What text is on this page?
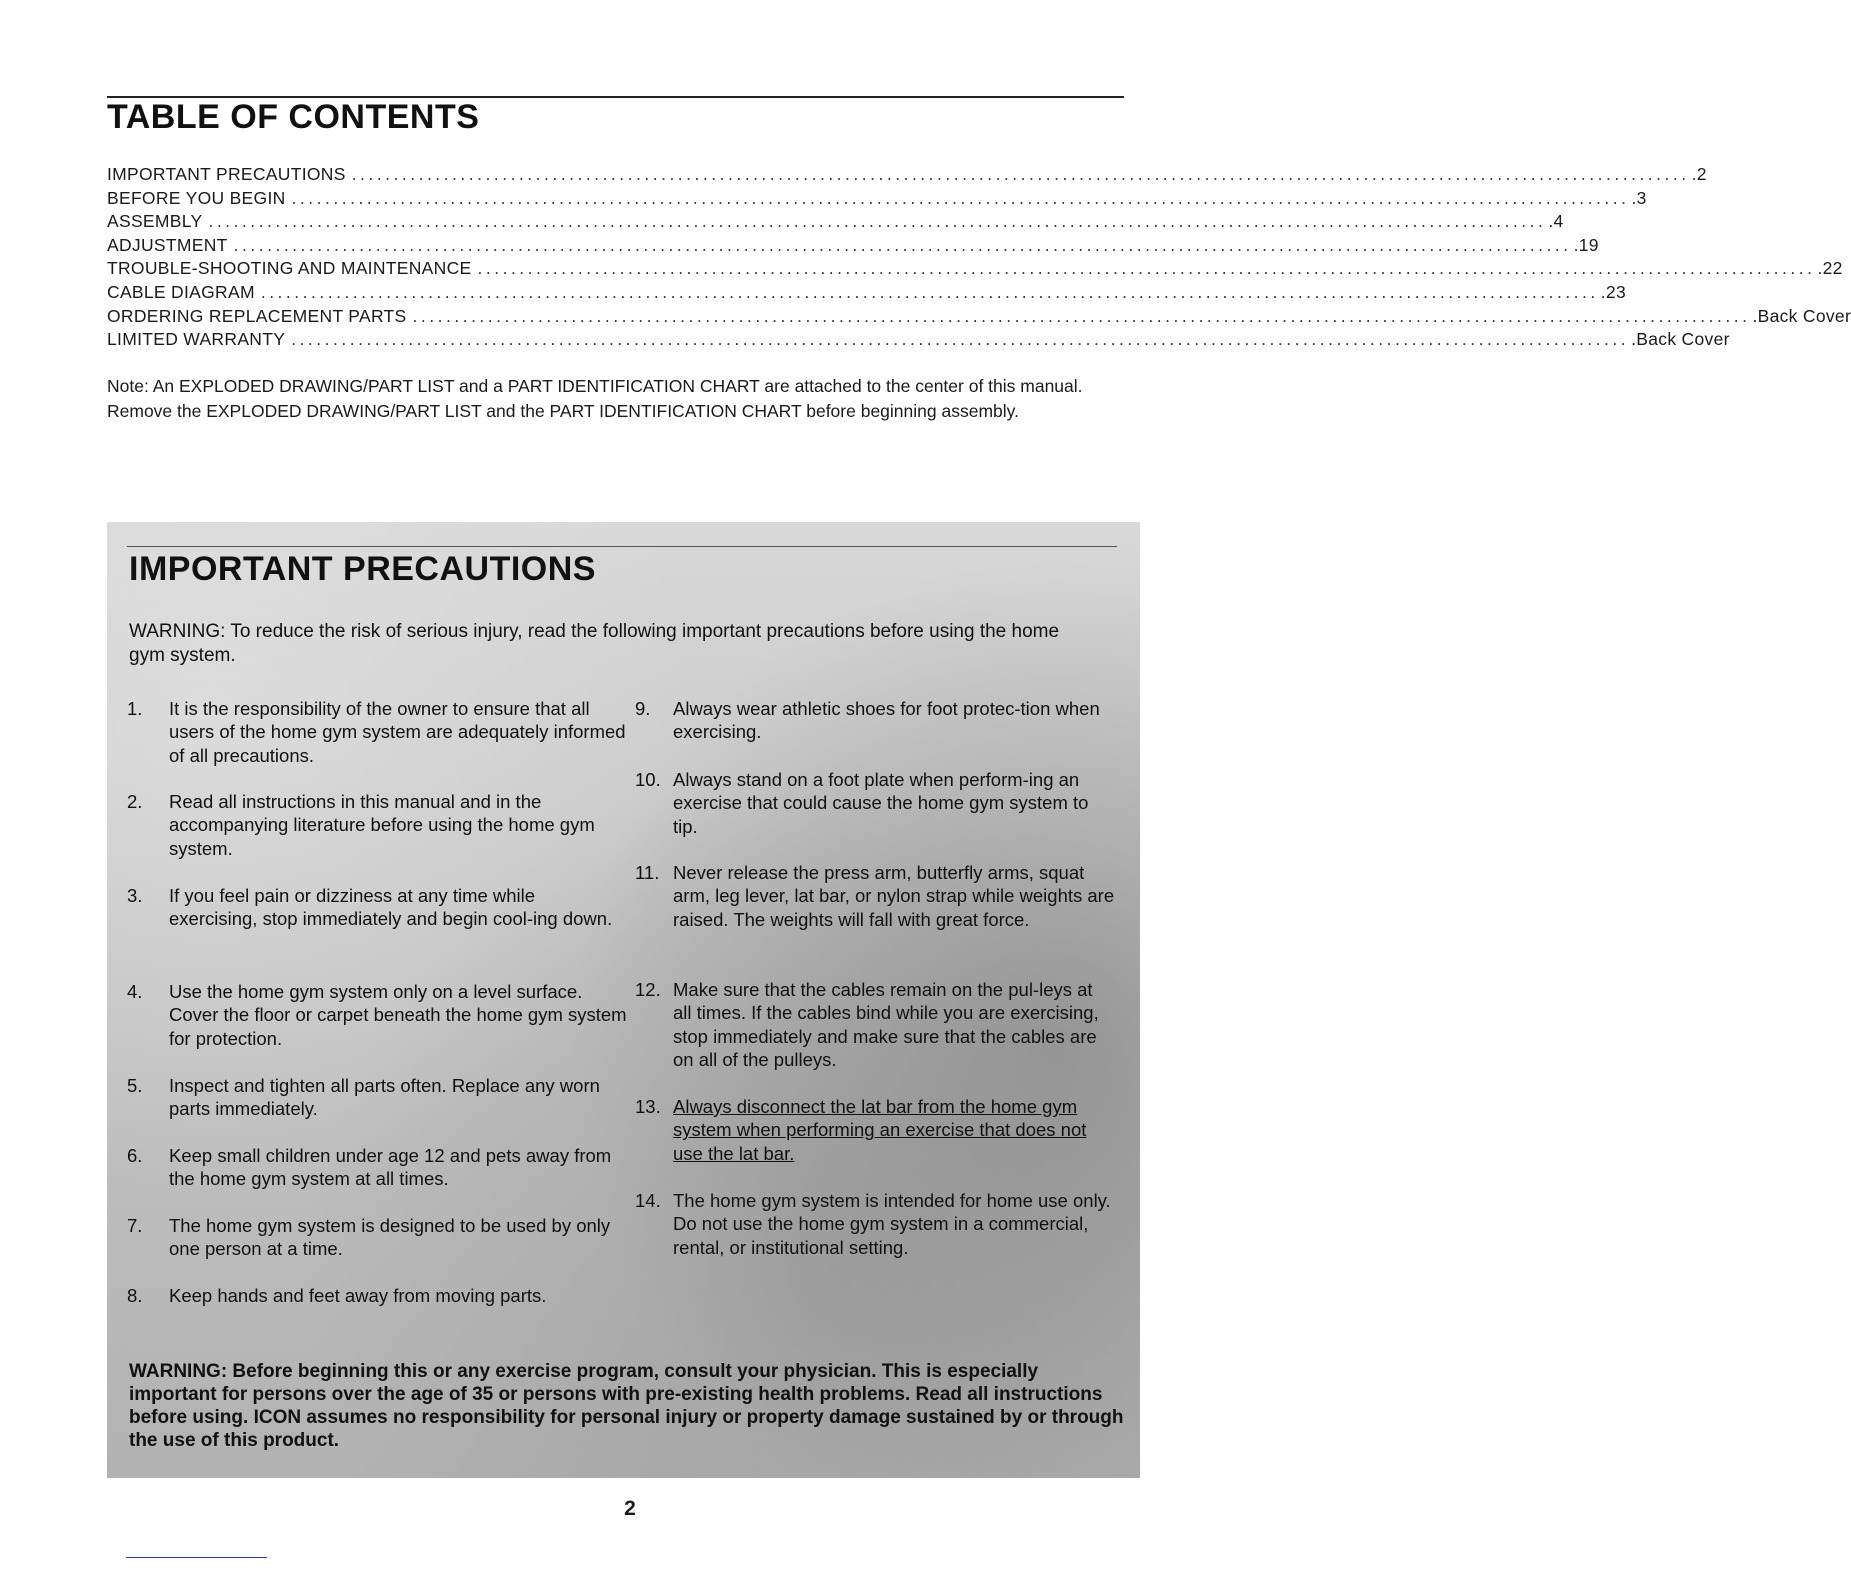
TABLE OF CONTENTS
IMPORTANT PRECAUTIONS ................................................................................................................................................................ .2
BEFORE YOU BEGIN ................................................................................................................................................................ .3
ASSEMBLY ................................................................................................................................................................ .4
ADJUSTMENT ................................................................................................................................................................ .19
TROUBLE-SHOOTING AND MAINTENANCE ................................................................................................................................................................ .22
CABLE DIAGRAM ................................................................................................................................................................ .23
ORDERING REPLACEMENT PARTS ................................................................................................................................................................ .Back Cover
LIMITED WARRANTY ................................................................................................................................................................ .Back Cover

Note: An EXPLODED DRAWING/PART LIST and a PART IDENTIFICATION CHART are attached to the center of this manual. Remove the EXPLODED DRAWING/PART LIST and the PART IDENTIFICATION CHART before beginning assembly.

IMPORTANT PRECAUTIONS

WARNING: To reduce the risk of serious injury, read the following important precautions before using the home gym system.

1.	It is the responsibility of the owner to ensure that all users of the home gym system are adequately informed of all precautions.
2.	Read all instructions in this manual and in the accompanying literature before using the home gym system.
3.	If you feel pain or dizziness at any time while exercising, stop immediately and begin cool-ing down.
4.	Use the home gym system only on a level surface. Cover the floor or carpet beneath the home gym system for protection.
5.	Inspect and tighten all parts often. Replace any worn parts immediately.
6.	Keep small children under age 12 and pets away from the home gym system at all times.
7.	The home gym system is designed to be used by only one person at a time.
8.	Keep hands and feet away from moving parts.
9.	Always wear athletic shoes for foot protec-tion when exercising.
10. Always stand on a foot plate when perform-ing an exercise that could cause the home gym system to tip.
11. Never release the press arm, butterfly arms, squat arm, leg lever, lat bar, or nylon strap while weights are raised. The weights will fall with great force.
12. Make sure that the cables remain on the pul-leys at all times. If the cables bind while you are exercising, stop immediately and make sure that the cables are on all of the pulleys.
13. Always disconnect the lat bar from the home gym system when performing an exercise that does not use the lat bar.
14. The home gym system is intended for home use only. Do not use the home gym system in a commercial, rental, or institutional setting.

WARNING: Before beginning this or any exercise program, consult your physician. This is especially important for persons over the age of 35 or persons with pre-existing health problems. Read all instructions before using. ICON assumes no responsibility for personal injury or property damage sustained by or through the use of this product.

2
